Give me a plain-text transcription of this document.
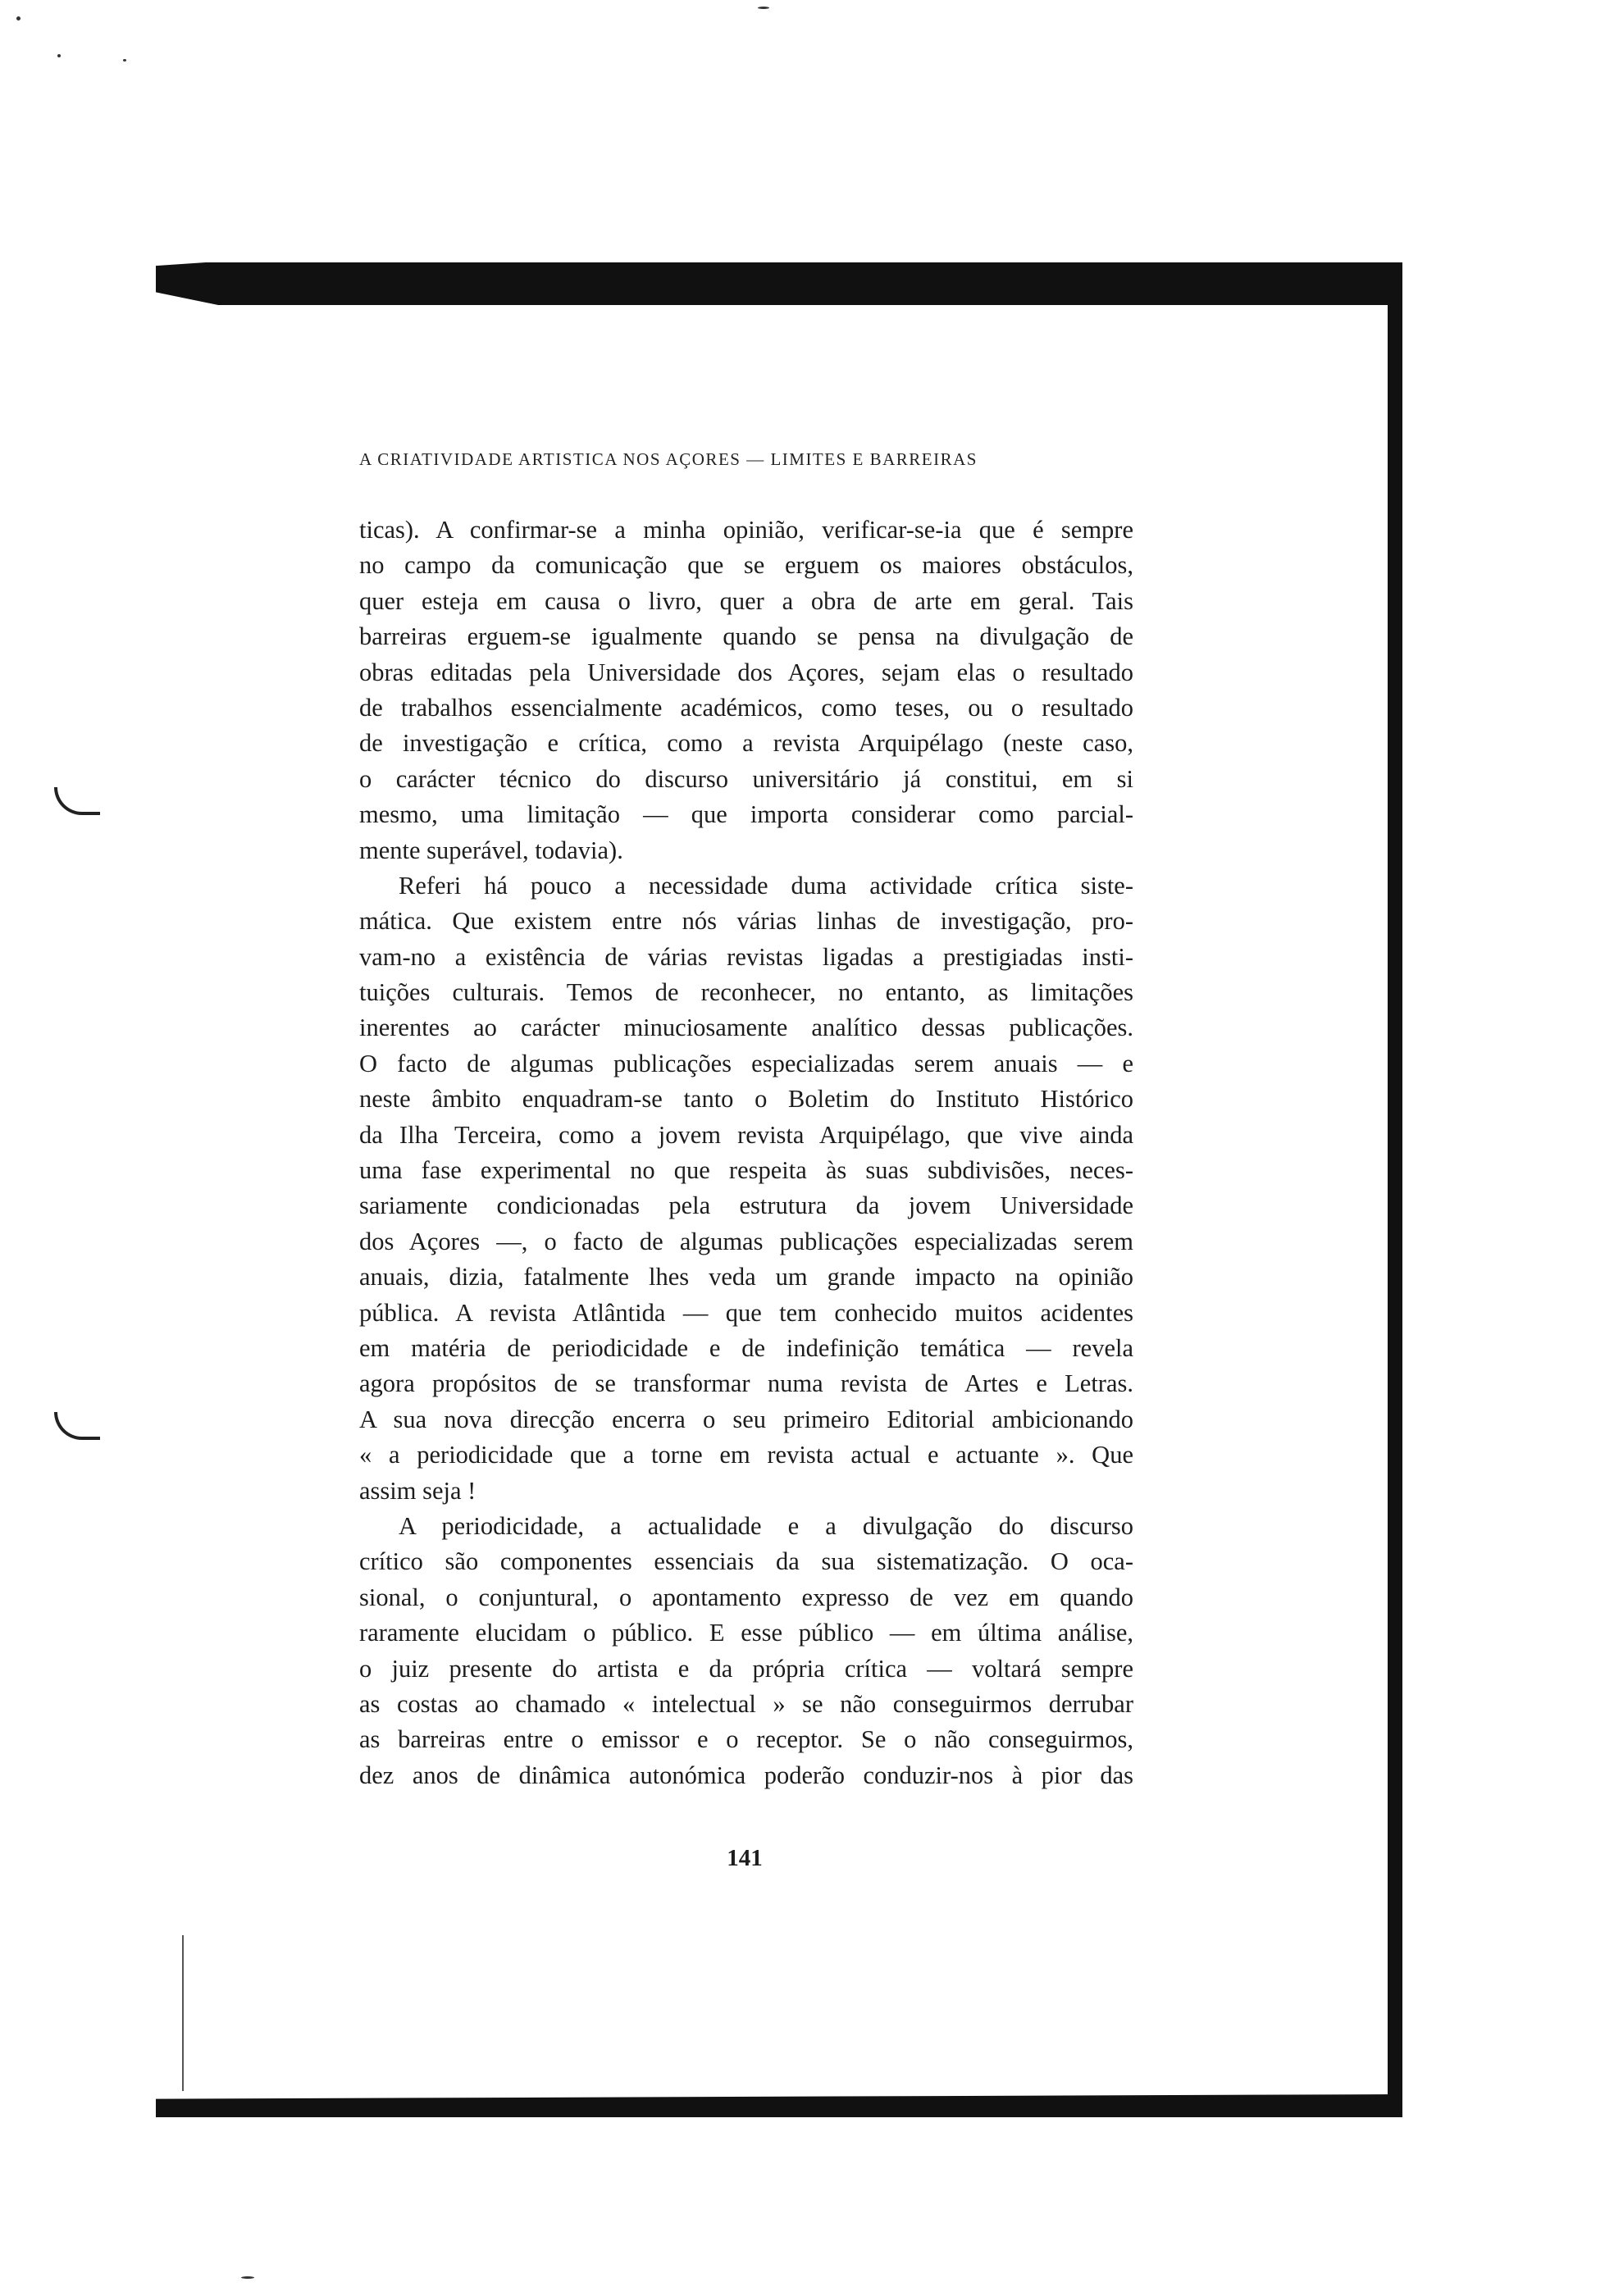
A CRIATIVIDADE ARTISTICA NOS AÇORES — LIMITES E BARREIRAS
ticas). A confirmar-se a minha opinião, verificar-se-ia que é sempre
no campo da comunicação que se erguem os maiores obstáculos,
quer esteja em causa o livro, quer a obra de arte em geral. Tais
barreiras erguem-se igualmente quando se pensa na divulgação de
obras editadas pela Universidade dos Açores, sejam elas o resultado
de trabalhos essencialmente académicos, como teses, ou o resultado
de investigação e crítica, como a revista Arquipélago (neste caso,
o carácter técnico do discurso universitário já constitui, em si
mesmo, uma limitação — que importa considerar como parcial-
mente superável, todavia).
Referi há pouco a necessidade duma actividade crítica siste-
mática. Que existem entre nós várias linhas de investigação, pro-
vam-no a existência de várias revistas ligadas a prestigiadas insti-
tuições culturais. Temos de reconhecer, no entanto, as limitações
inerentes ao carácter minuciosamente analítico dessas publicações.
O facto de algumas publicações especializadas serem anuais — e
neste âmbito enquadram-se tanto o Boletim do Instituto Histórico
da Ilha Terceira, como a jovem revista Arquipélago, que vive ainda
uma fase experimental no que respeita às suas subdivisões, neces-
sariamente condicionadas pela estrutura da jovem Universidade
dos Açores —, o facto de algumas publicações especializadas serem
anuais, dizia, fatalmente lhes veda um grande impacto na opinião
pública. A revista Atlântida — que tem conhecido muitos acidentes
em matéria de periodicidade e de indefinição temática — revela
agora propósitos de se transformar numa revista de Artes e Letras.
A sua nova direcção encerra o seu primeiro Editorial ambicionando
« a periodicidade que a torne em revista actual e actuante ». Que
assim seja !
A periodicidade, a actualidade e a divulgação do discurso
crítico são componentes essenciais da sua sistematização. O oca-
sional, o conjuntural, o apontamento expresso de vez em quando
raramente elucidam o público. E esse público — em última análise,
o juiz presente do artista e da própria crítica — voltará sempre
as costas ao chamado « intelectual » se não conseguirmos derrubar
as barreiras entre o emissor e o receptor. Se o não conseguirmos,
dez anos de dinâmica autonómica poderão conduzir-nos à pior das
141
